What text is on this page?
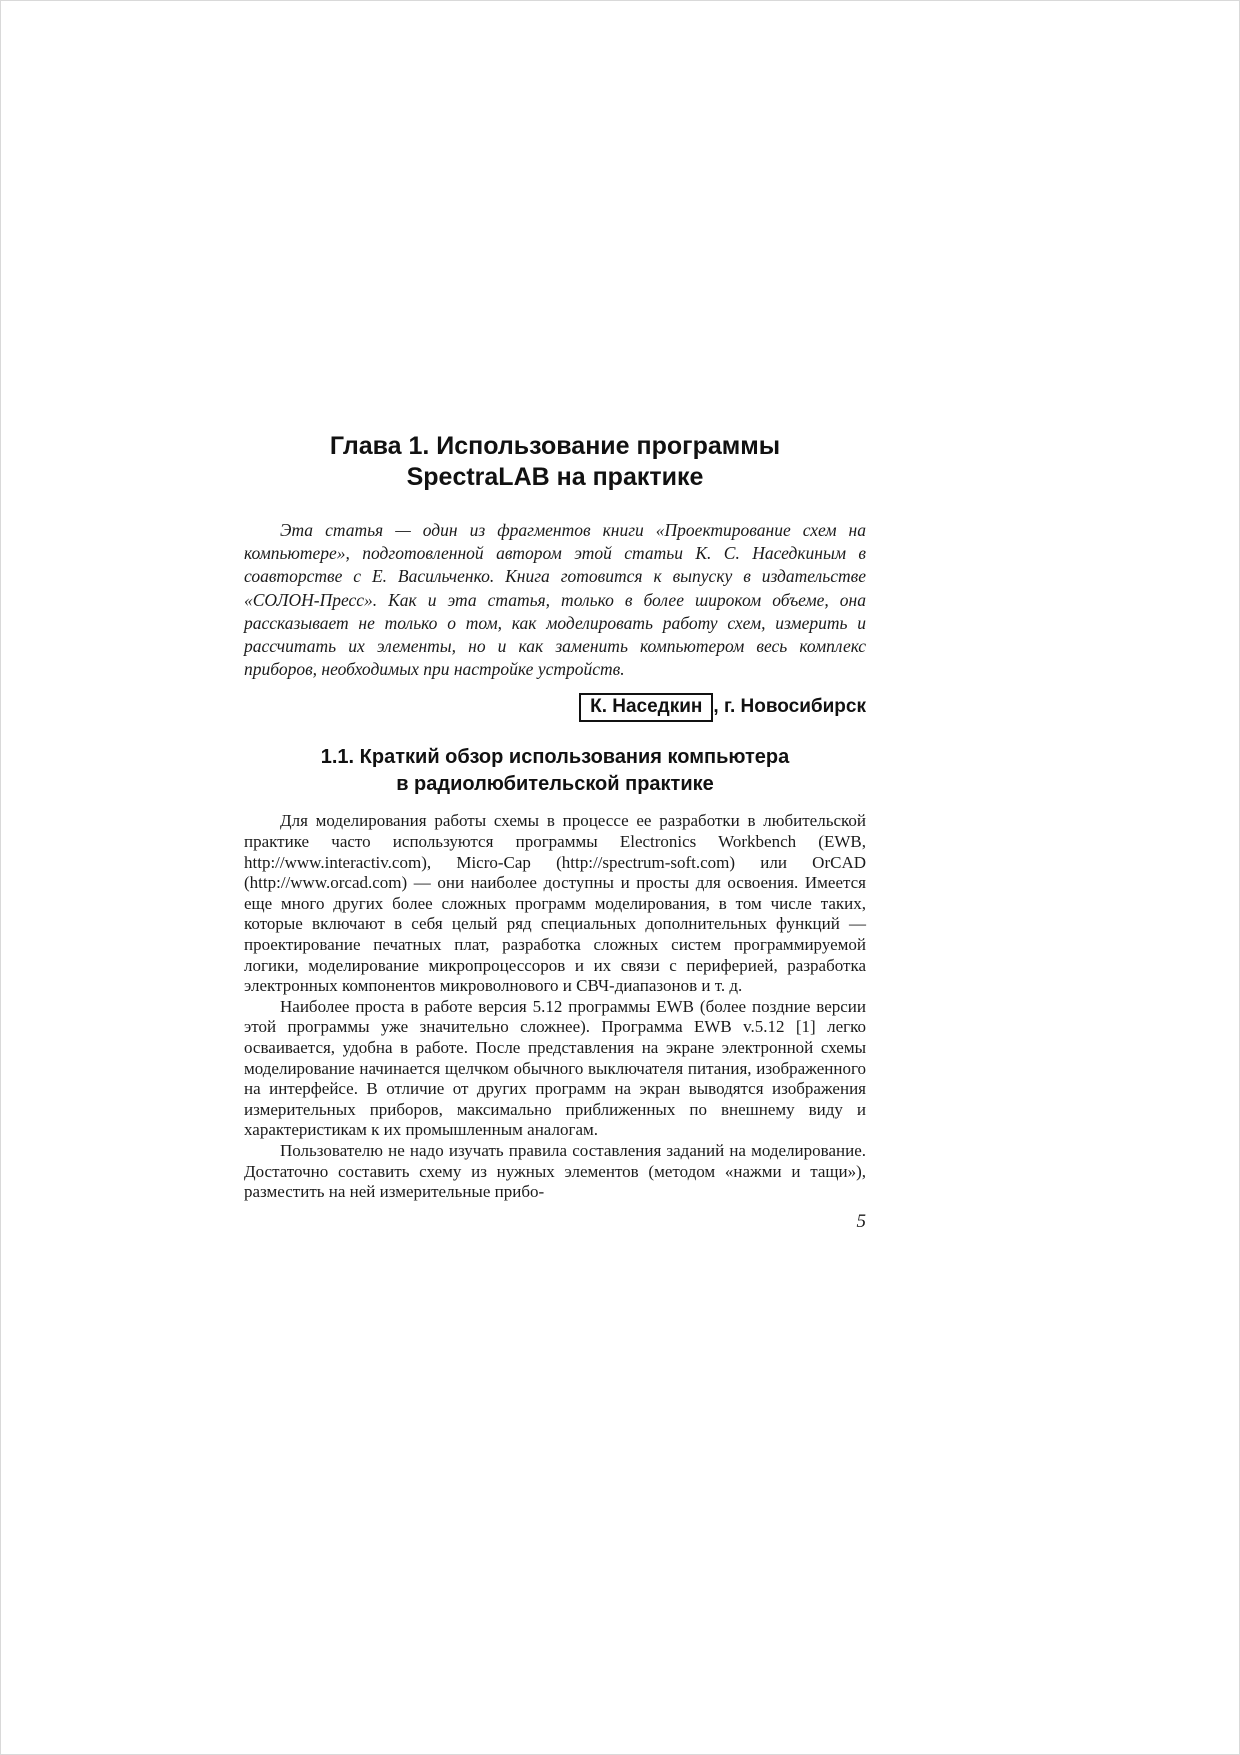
Глава 1. Использование программы
SpectraLAB на практике
Эта статья — один из фрагментов книги «Проектирование схем на компьютере», подготовленной автором этой статьи К. С. Наседкиным в соавторстве с Е. Васильченко. Книга готовится к выпуску в издательстве «СОЛОН-Пресс». Как и эта статья, только в более широком объеме, она рассказывает не только о том, как моделировать работу схем, измерить и рассчитать их элементы, но и как заменить компьютером весь комплекс приборов, необходимых при настройке устройств.
К. Наседкин , г. Новосибирск
1.1. Краткий обзор использования компьютера
в радиолюбительской практике

Для моделирования работы схемы в процессе ее разработки в любительской практике часто используются программы Electronics Workbench (EWB, http://www.interactiv.com), Micro-Cap (http://spectrum-soft.com) или OrCAD (http://www.orcad.com) — они наиболее доступны и просты для освоения. Имеется еще много других более сложных программ моделирования, в том числе таких, которые включают в себя целый ряд специальных дополнительных функций — проектирование печатных плат, разработка сложных систем программируемой логики, моделирование микропроцессоров и их связи с периферией, разработка электронных компонентов микроволнового и СВЧ-диапазонов и т. д.

Наиболее проста в работе версия 5.12 программы EWB (более поздние версии этой программы уже значительно сложнее). Программа EWB v.5.12 [1] легко осваивается, удобна в работе. После представления на экране электронной схемы моделирование начинается щелчком обычного выключателя питания, изображенного на интерфейсе. В отличие от других программ на экран выводятся изображения измерительных приборов, максимально приближенных по внешнему виду и характеристикам к их промышленным аналогам.

Пользователю не надо изучать правила составления заданий на моделирование. Достаточно составить схему из нужных элементов (методом «нажми и тащи»), разместить на ней измерительные прибо-

5
